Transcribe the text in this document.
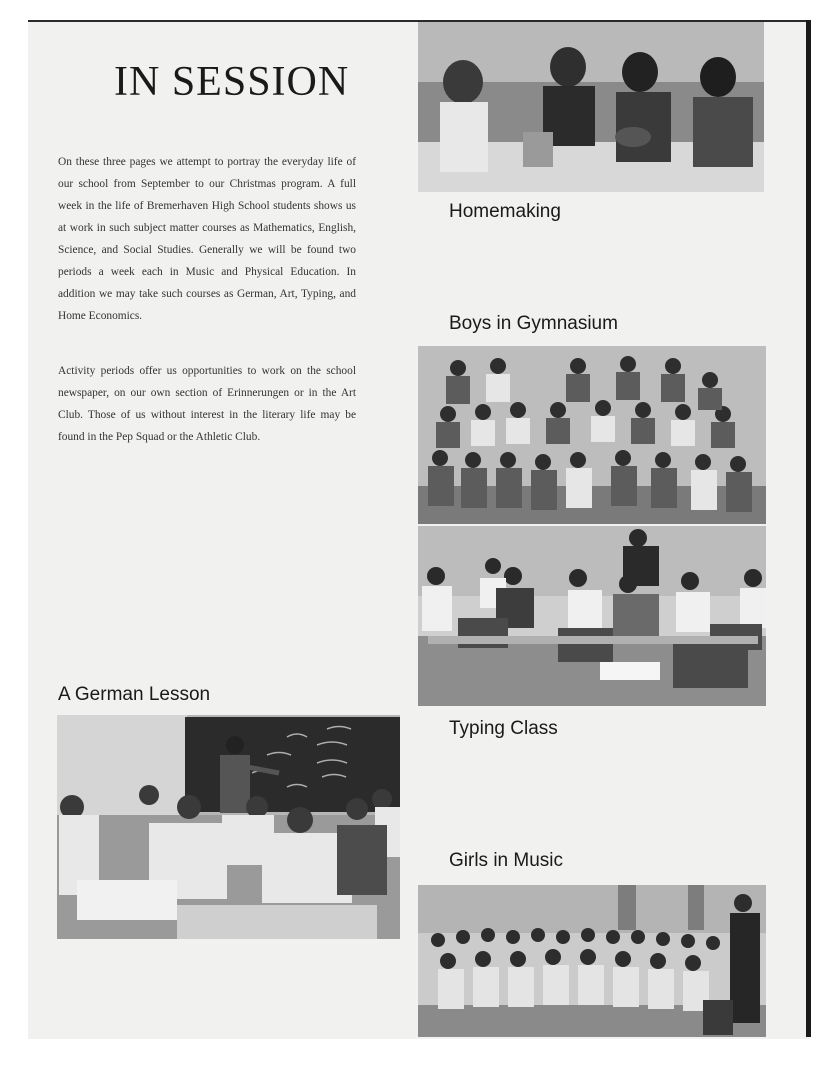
IN SESSION

On these three pages we attempt to portray the everyday life of our school from September to our Christmas program. A full week in the life of Bremerhaven High School students shows us at work in such subject matter courses as Mathematics, English, Science, and Social Studies. Generally we will be found two periods a week each in Music and Physical Education. In addition we may take such courses as German, Art, Typing, and Home Economics.

Activity periods offer us opportunities to work on the school newspaper, on our own section of Erinnerungen or in the Art Club. Those of us without interest in the literary life may be found in the Pep Squad or the Athletic Club.

Homemaking

Boys in Gymnasium

Typing Class

A German Lesson

Girls in Music
